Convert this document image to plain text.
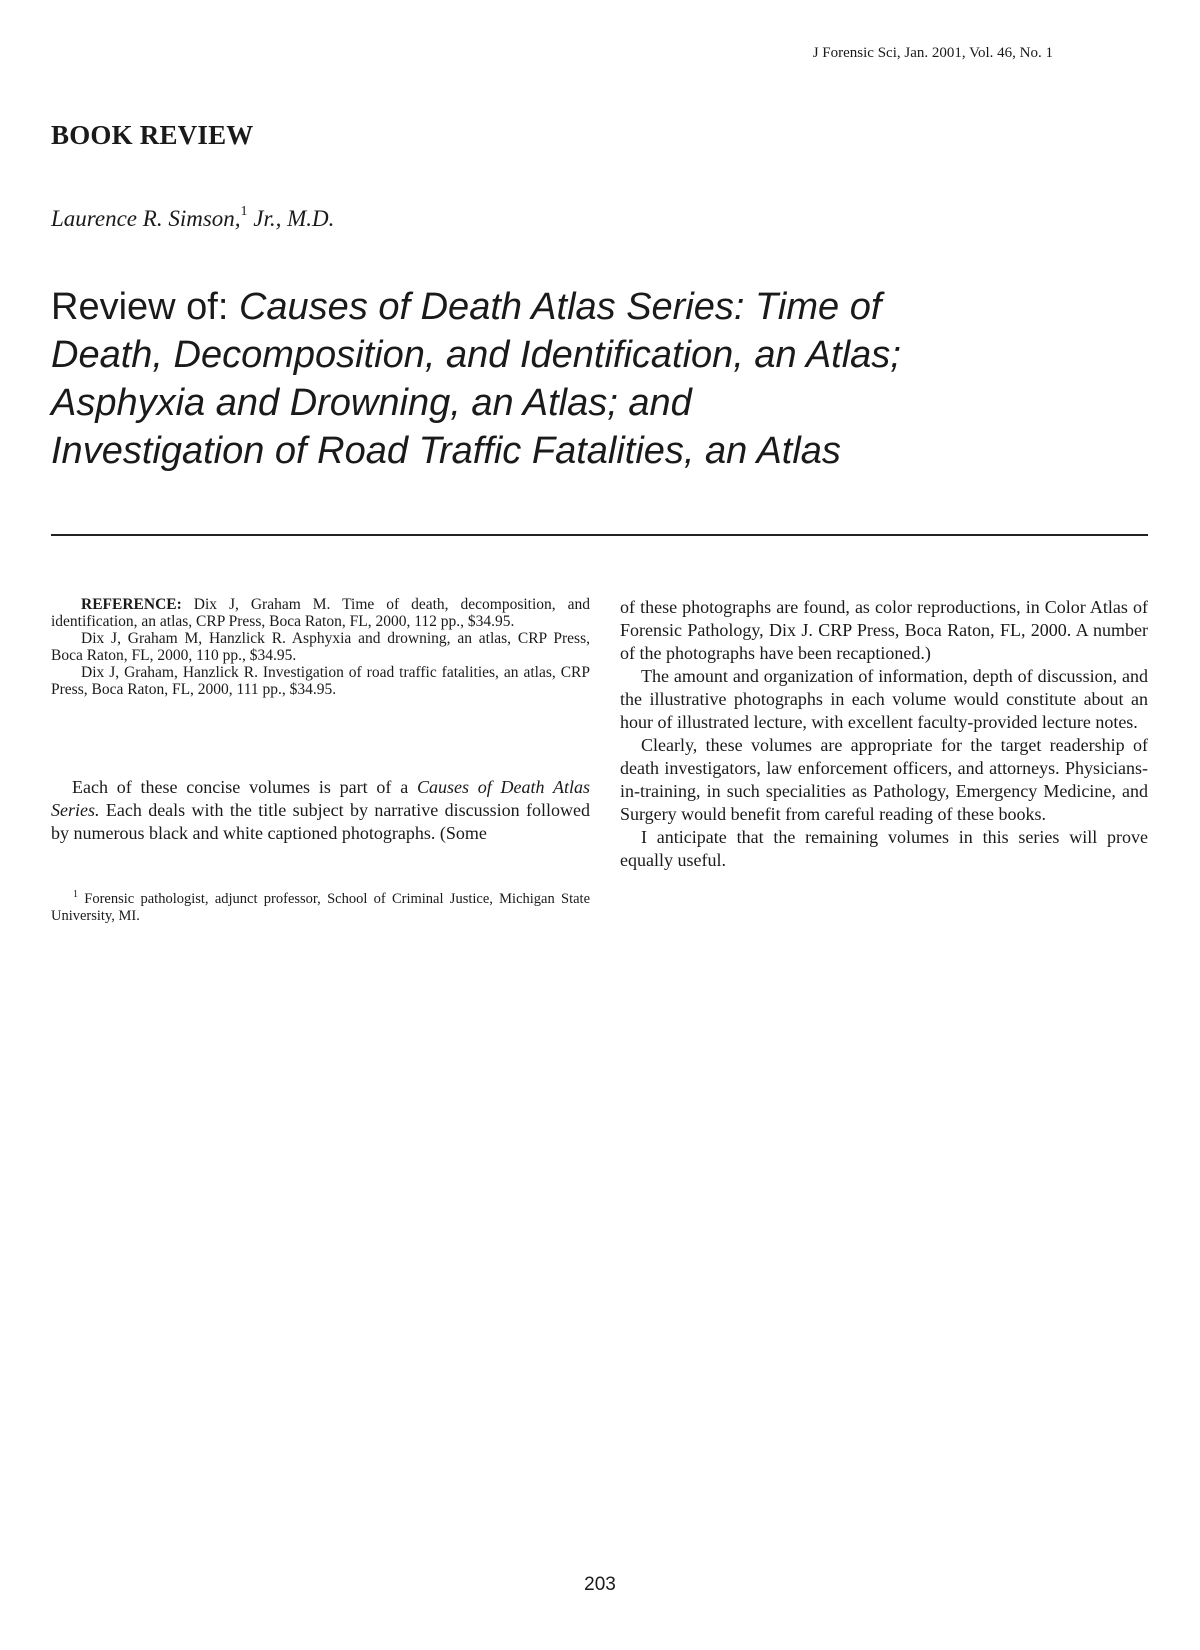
J Forensic Sci, Jan. 2001, Vol. 46, No. 1
BOOK REVIEW
Laurence R. Simson,$^1$ Jr., M.D.
Review of: Causes of Death Atlas Series: Time of Death, Decomposition, and Identification, an Atlas; Asphyxia and Drowning, an Atlas; and Investigation of Road Traffic Fatalities, an Atlas

REFERENCE: Dix J, Graham M. Time of death, decomposition, and identification, an atlas, CRP Press, Boca Raton, FL, 2000, 112 pp., $34.95.

Dix J, Graham M, Hanzlick R. Asphyxia and drowning, an atlas, CRP Press, Boca Raton, FL, 2000, 110 pp., $34.95.

Dix J, Graham, Hanzlick R. Investigation of road traffic fatalities, an atlas, CRP Press, Boca Raton, FL, 2000, 111 pp., $34.95.

Each of these concise volumes is part of a Causes of Death Atlas Series. Each deals with the title subject by narrative discussion followed by numerous black and white captioned photographs. (Some

$^1$ Forensic pathologist, adjunct professor, School of Criminal Justice, Michigan State University, MI.

of these photographs are found, as color reproductions, in Color Atlas of Forensic Pathology, Dix J. CRP Press, Boca Raton, FL, 2000. A number of the photographs have been recaptioned.)

The amount and organization of information, depth of discussion, and the illustrative photographs in each volume would constitute about an hour of illustrated lecture, with excellent faculty-provided lecture notes.

Clearly, these volumes are appropriate for the target readership of death investigators, law enforcement officers, and attorneys. Physicians-in-training, in such specialities as Pathology, Emergency Medicine, and Surgery would benefit from careful reading of these books.

I anticipate that the remaining volumes in this series will prove equally useful.

203
